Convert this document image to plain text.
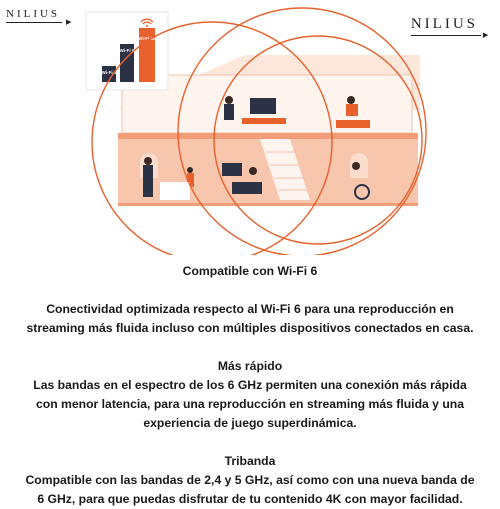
NILIUS
▶	NILIUS
▶
Wi-Fi 5
Wi-Fi 6
Wi-Fi 6E

Compatible con Wi-Fi 6

Conectividad optimizada respecto al Wi-Fi 6 para una reproducción en

streaming más fluida incluso con múltiples dispositivos conectados en casa.

Más rápido

Las bandas en el espectro de los 6 GHz permiten una conexión más rápida

con menor latencia, para una reproducción en streaming más fluida y una

experiencia de juego superdinámica.

Tribanda

Compatible con las bandas de 2,4 y 5 GHz, así como con una nueva banda de

6 GHz, para que puedas disfrutar de tu contenido 4K con mayor facilidad.
